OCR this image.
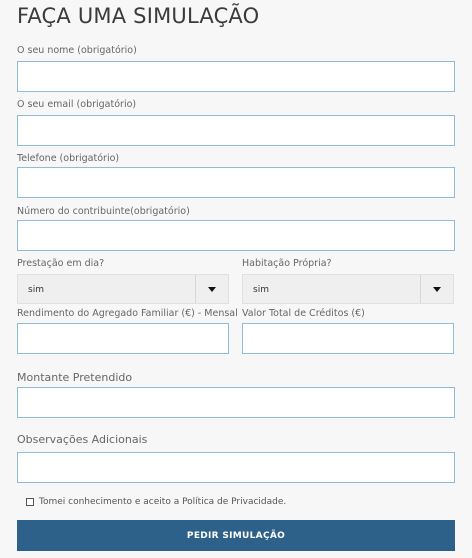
FAÇA UMA SIMULAÇÃO
O seu nome (obrigatório)
O seu email (obrigatório)
Telefone (obrigatório)
Número do contribuinte(obrigatório)
Prestação em dia?
sim
Habitação Própria?
sim
Rendimento do Agregado Familiar (€) - Mensal Valor Total de Créditos (€)
Montante Pretendido
Observações Adicionais
Tomei conhecimento e aceito a Política de Privacidade.
PEDIR SIMULAÇÃO
